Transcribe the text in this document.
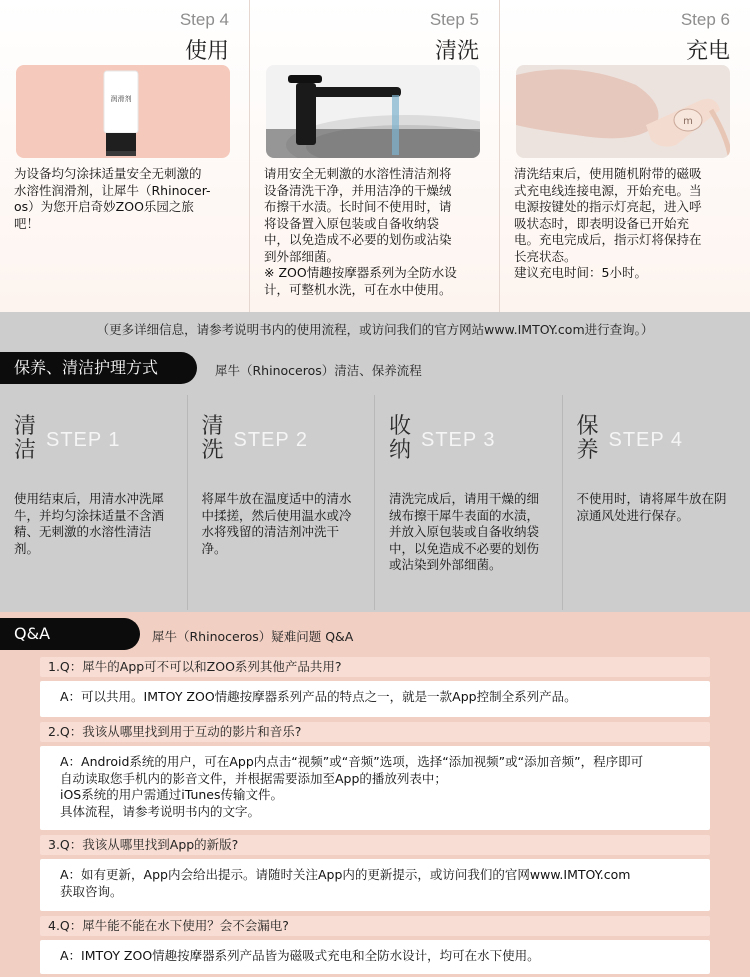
Step 4
使用
润滑剂
为设备均匀涂抹适量安全无刺激的
水溶性润滑剂，让犀牛（Rhinocer-
os）为您开启奇妙ZOO乐园之旅
吧！
Step 5
清洗
请用安全无刺激的水溶性清洁剂将
设备清洗干净，并用洁净的干燥绒
布擦干水渍。长时间不使用时，请
将设备置入原包装或自备收纳袋
中，以免造成不必要的划伤或沾染
到外部细菌。
※ ZOO情趣按摩器系列为全防水设
计，可整机水洗，可在水中使用。
Step 6
充电
m
清洗结束后，使用随机附带的磁吸
式充电线连接电源，开始充电。当
电源按键处的指示灯亮起，进入呼
吸状态时，即表明设备已开始充
电。充电完成后，指示灯将保持在
长亮状态。
建议充电时间：5小时。
（更多详细信息，请参考说明书内的使用流程，或访问我们的官方网站www.IMTOY.com进行查询。）
保养、清洁护理方式	犀牛（Rhinoceros）清洁、保养流程
清洁 STEP 1
使用结束后，用清水冲洗犀牛，并均匀涂抹适量不含酒精、无刺激的水溶性清洁剂。
清洗 STEP 2
将犀牛放在温度适中的清水中揉搓，然后使用温水或冷水将残留的清洁剂冲洗干净。
收纳 STEP 3
清洗完成后，请用干燥的细绒布擦干犀牛表面的水渍，并放入原包装或自备收纳袋中，以免造成不必要的划伤或沾染到外部细菌。
保养 STEP 4
不使用时，请将犀牛放在阴凉通风处进行保存。
Q&A	犀牛（Rhinoceros）疑难问题 Q&A
1.Q：犀牛的App可不可以和ZOO系列其他产品共用?
A：可以共用。IMTOY ZOO情趣按摩器系列产品的特点之一，就是一款App控制全系列产品。
2.Q：我该从哪里找到用于互动的影片和音乐?
A：Android系统的用户，可在App内点击“视频”或“音频”选项，选择“添加视频”或“添加音频”，程序即可
自动读取您手机内的影音文件，并根据需要添加至App的播放列表中；
iOS系统的用户需通过iTunes传输文件。
具体流程，请参考说明书内的文字。
3.Q：我该从哪里找到App的新版?
A：如有更新，App内会给出提示。请随时关注App内的更新提示，或访问我们的官网www.IMTOY.com
获取咨询。
4.Q：犀牛能不能在水下使用？会不会漏电?
A：IMTOY ZOO情趣按摩器系列产品皆为磁吸式充电和全防水设计，均可在水下使用。
